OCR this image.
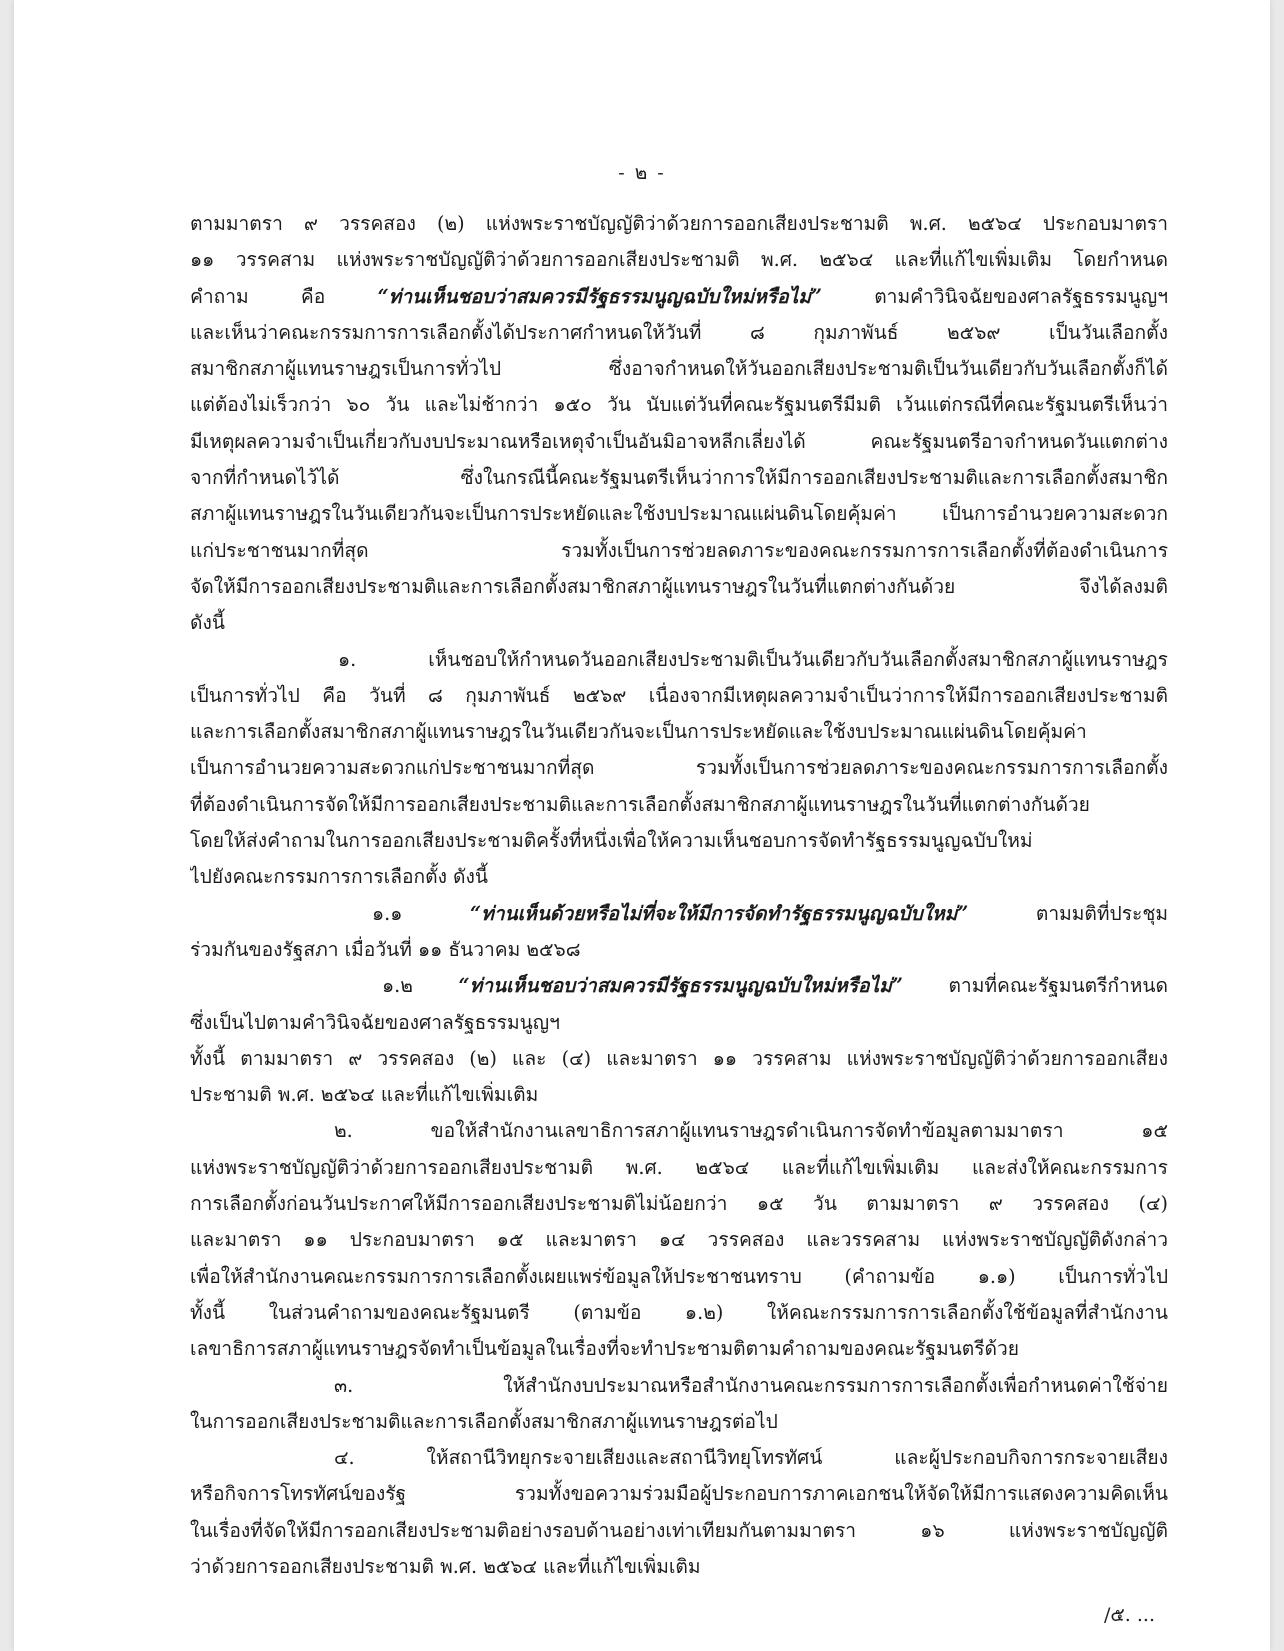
- ๒ -
ตามมาตรา ๙ วรรคสอง (๒) แห่งพระราชบัญญัติว่าด้วยการออกเสียงประชามติ พ.ศ. ๒๕๖๔ ประกอบมาตรา
๑๑ วรรคสาม แห่งพระราชบัญญัติว่าด้วยการออกเสียงประชามติ พ.ศ. ๒๕๖๔ และที่แก้ไขเพิ่มเติม โดยกำหนด
คำถาม คือ “ท่านเห็นชอบว่าสมควรมีรัฐธรรมนูญฉบับใหม่หรือไม่” ตามคำวินิจฉัยของศาลรัฐธรรมนูญฯ
และเห็นว่าคณะกรรมการการเลือกตั้งได้ประกาศกำหนดให้วันที่ ๘ กุมภาพันธ์ ๒๕๖๙ เป็นวันเลือกตั้ง
สมาชิกสภาผู้แทนราษฎรเป็นการทั่วไป ซึ่งอาจกำหนดให้วันออกเสียงประชามติเป็นวันเดียวกับวันเลือกตั้งก็ได้
แต่ต้องไม่เร็วกว่า ๖๐ วัน และไม่ช้ากว่า ๑๕๐ วัน นับแต่วันที่คณะรัฐมนตรีมีมติ เว้นแต่กรณีที่คณะรัฐมนตรีเห็นว่า
มีเหตุผลความจำเป็นเกี่ยวกับงบประมาณหรือเหตุจำเป็นอันมิอาจหลีกเลี่ยงได้ คณะรัฐมนตรีอาจกำหนดวันแตกต่าง
จากที่กำหนดไว้ได้ ซึ่งในกรณีนี้คณะรัฐมนตรีเห็นว่าการให้มีการออกเสียงประชามติและการเลือกตั้งสมาชิก
สภาผู้แทนราษฎรในวันเดียวกันจะเป็นการประหยัดและใช้งบประมาณแผ่นดินโดยคุ้มค่า เป็นการอำนวยความสะดวก
แก่ประชาชนมากที่สุด รวมทั้งเป็นการช่วยลดภาระของคณะกรรมการการเลือกตั้งที่ต้องดำเนินการ
จัดให้มีการออกเสียงประชามติและการเลือกตั้งสมาชิกสภาผู้แทนราษฎรในวันที่แตกต่างกันด้วย จึงได้ลงมติ
ดังนี้
๑. เห็นชอบให้กำหนดวันออกเสียงประชามติเป็นวันเดียวกับวันเลือกตั้งสมาชิกสภาผู้แทนราษฎร
เป็นการทั่วไป คือ วันที่ ๘ กุมภาพันธ์ ๒๕๖๙ เนื่องจากมีเหตุผลความจำเป็นว่าการให้มีการออกเสียงประชามติ
และการเลือกตั้งสมาชิกสภาผู้แทนราษฎรในวันเดียวกันจะเป็นการประหยัดและใช้งบประมาณแผ่นดินโดยคุ้มค่า
เป็นการอำนวยความสะดวกแก่ประชาชนมากที่สุด รวมทั้งเป็นการช่วยลดภาระของคณะกรรมการการเลือกตั้ง
ที่ต้องดำเนินการจัดให้มีการออกเสียงประชามติและการเลือกตั้งสมาชิกสภาผู้แทนราษฎรในวันที่แตกต่างกันด้วย
โดยให้ส่งคำถามในการออกเสียงประชามติครั้งที่หนึ่งเพื่อให้ความเห็นชอบการจัดทำรัฐธรรมนูญฉบับใหม่
ไปยังคณะกรรมการการเลือกตั้ง ดังนี้
๑.๑ “ท่านเห็นด้วยหรือไม่ที่จะให้มีการจัดทำรัฐธรรมนูญฉบับใหม่” ตามมติที่ประชุม
ร่วมกันของรัฐสภา เมื่อวันที่ ๑๑ ธันวาคม ๒๕๖๘
๑.๒ “ท่านเห็นชอบว่าสมควรมีรัฐธรรมนูญฉบับใหม่หรือไม่” ตามที่คณะรัฐมนตรีกำหนด
ซึ่งเป็นไปตามคำวินิจฉัยของศาลรัฐธรรมนูญฯ
ทั้งนี้ ตามมาตรา ๙ วรรคสอง (๒) และ (๔) และมาตรา ๑๑ วรรคสาม แห่งพระราชบัญญัติว่าด้วยการออกเสียง
ประชามติ พ.ศ. ๒๕๖๔ และที่แก้ไขเพิ่มเติม
๒. ขอให้สำนักงานเลขาธิการสภาผู้แทนราษฎรดำเนินการจัดทำข้อมูลตามมาตรา ๑๕
แห่งพระราชบัญญัติว่าด้วยการออกเสียงประชามติ พ.ศ. ๒๕๖๔ และที่แก้ไขเพิ่มเติม และส่งให้คณะกรรมการ
การเลือกตั้งก่อนวันประกาศให้มีการออกเสียงประชามติไม่น้อยกว่า ๑๕ วัน ตามมาตรา ๙ วรรคสอง (๔)
และมาตรา ๑๑ ประกอบมาตรา ๑๕ และมาตรา ๑๔ วรรคสอง และวรรคสาม แห่งพระราชบัญญัติดังกล่าว
เพื่อให้สำนักงานคณะกรรมการการเลือกตั้งเผยแพร่ข้อมูลให้ประชาชนทราบ (คำถามข้อ ๑.๑) เป็นการทั่วไป
ทั้งนี้ ในส่วนคำถามของคณะรัฐมนตรี (ตามข้อ ๑.๒) ให้คณะกรรมการการเลือกตั้งใช้ข้อมูลที่สำนักงาน
เลขาธิการสภาผู้แทนราษฎรจัดทำเป็นข้อมูลในเรื่องที่จะทำประชามติตามคำถามของคณะรัฐมนตรีด้วย
๓. ให้สำนักงบประมาณหรือสำนักงานคณะกรรมการการเลือกตั้งเพื่อกำหนดค่าใช้จ่าย
ในการออกเสียงประชามติและการเลือกตั้งสมาชิกสภาผู้แทนราษฎรต่อไป
๔. ให้สถานีวิทยุกระจายเสียงและสถานีวิทยุโทรทัศน์ และผู้ประกอบกิจการกระจายเสียง
หรือกิจการโทรทัศน์ของรัฐ รวมทั้งขอความร่วมมือผู้ประกอบการภาคเอกชนให้จัดให้มีการแสดงความคิดเห็น
ในเรื่องที่จัดให้มีการออกเสียงประชามติอย่างรอบด้านอย่างเท่าเทียมกันตามมาตรา ๑๖ แห่งพระราชบัญญัติ
ว่าด้วยการออกเสียงประชามติ พ.ศ. ๒๕๖๔ และที่แก้ไขเพิ่มเติม
/๕. ...
